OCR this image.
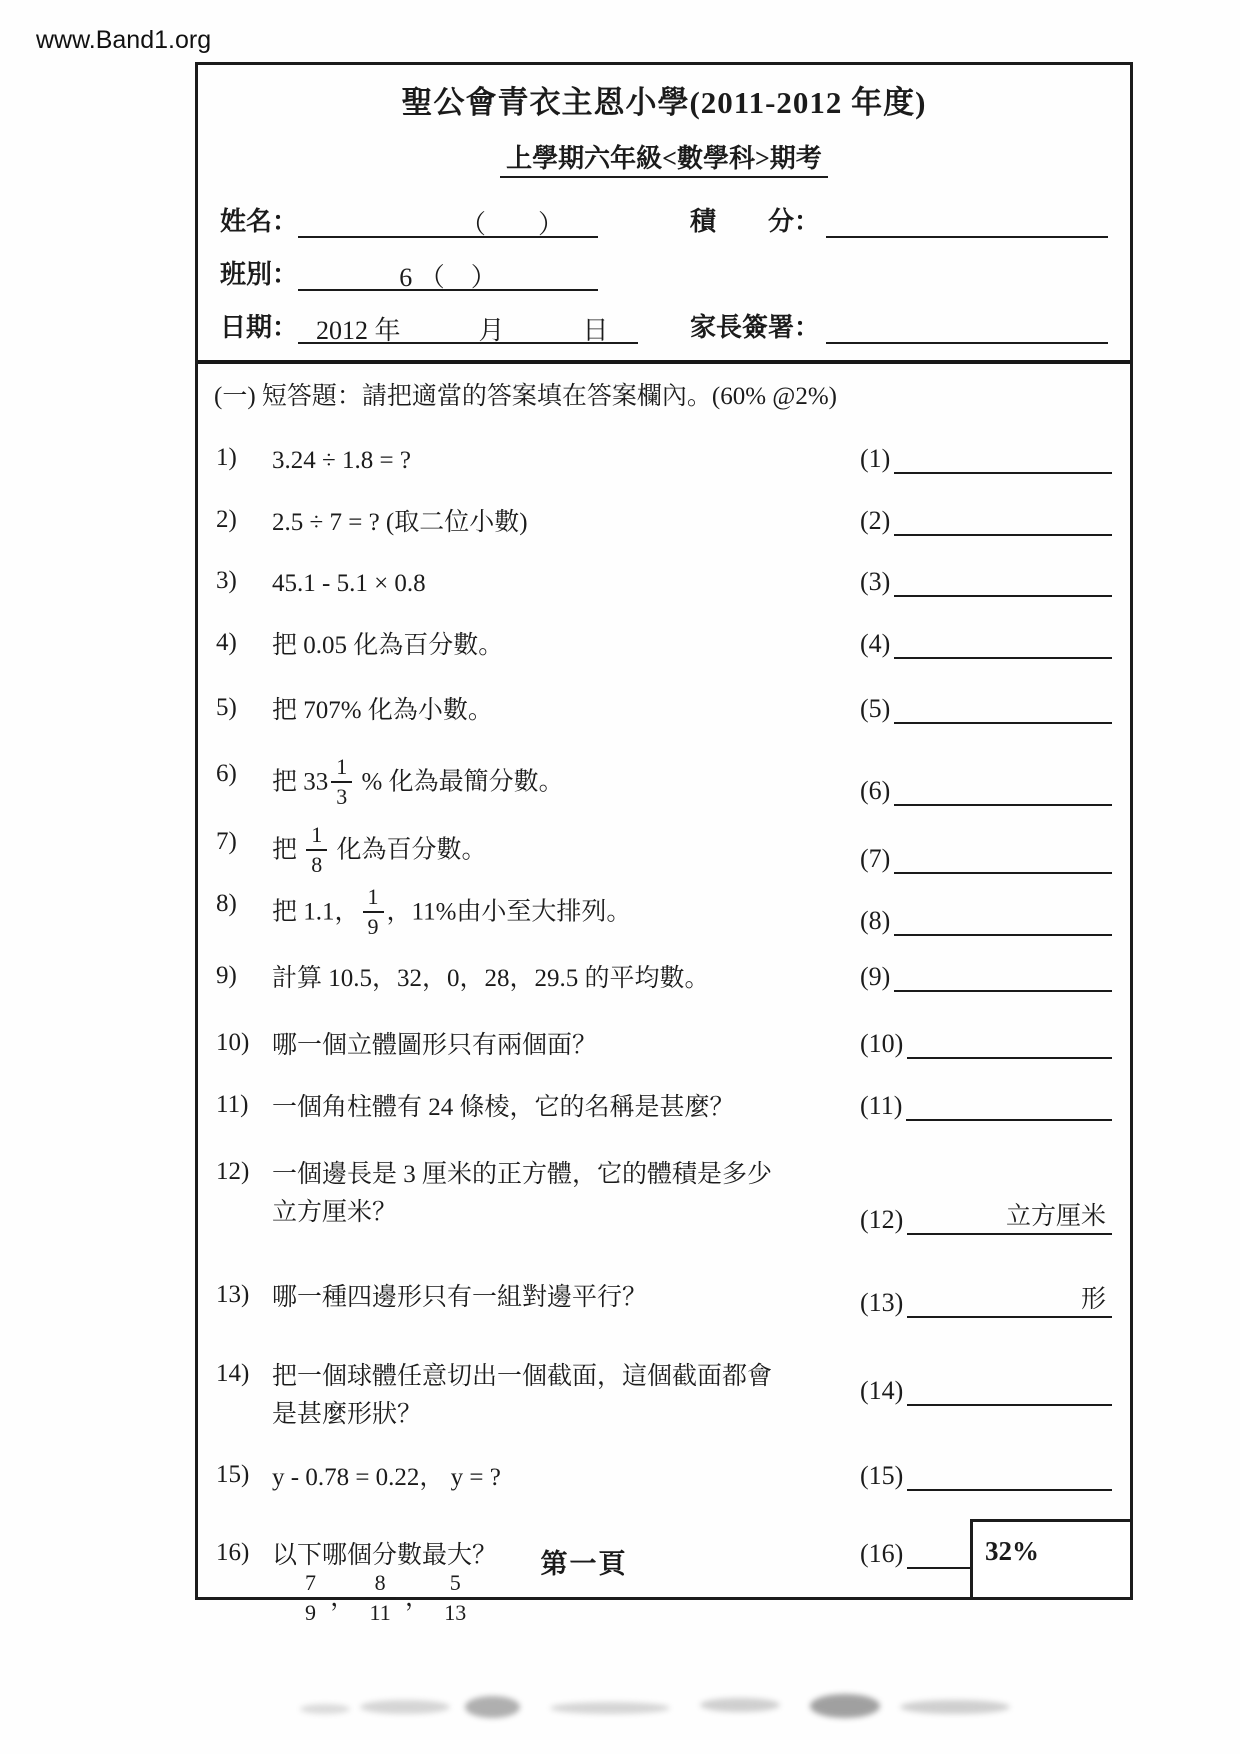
www.Band1.org
聖公會青衣主恩小學(2011-2012 年度)
上學期六年級<數學科>期考
姓名：	（　　）	積　　分：
班別：	6 （　）
日期： 2012 年　　　月　　　日	家長簽署：
(一) 短答題：請把適當的答案填在答案欄內。(60% @2%)
1)	3.24 ÷ 1.8 = ?	(1)
2)	2.5 ÷ 7 = ? (取二位小數)	(2)
3)	45.1 - 5.1 × 0.8	(3)
4)	把 0.05 化為百分數。	(4)
5)	把 707% 化為小數。	(5)
6)	把 $33 \frac{1}{3}$ % 化為最簡分數。	(6)
7)	把 $\frac{1}{8}$ 化為百分數。	(7)
8)	把 1.1， $\frac{1}{9}$ ，11%由小至大排列。	(8)
9)	計算 10.5，32，0，28，29.5 的平均數。	(9)
10) 哪一個立體圖形只有兩個面？	(10)
11) 一個角柱體有 24 條棱，它的名稱是甚麼？	(11)
12) 一個邊長是 3 厘米的正方體，它的體積是多少
立方厘米？	(12)	立方厘米
13) 哪一種四邊形只有一組對邊平行？	(13)	形
14) 把一個球體任意切出一個截面，這個截面都會
是甚麼形狀？
(14)
15) y - 0.78 = 0.22， y = ?	(15)
16) 以下哪個分數最大？

$\frac{7}{9}$ ， $\frac{8}{11}$ ， $\frac{5}{13}$
(16)
第一頁	32%
